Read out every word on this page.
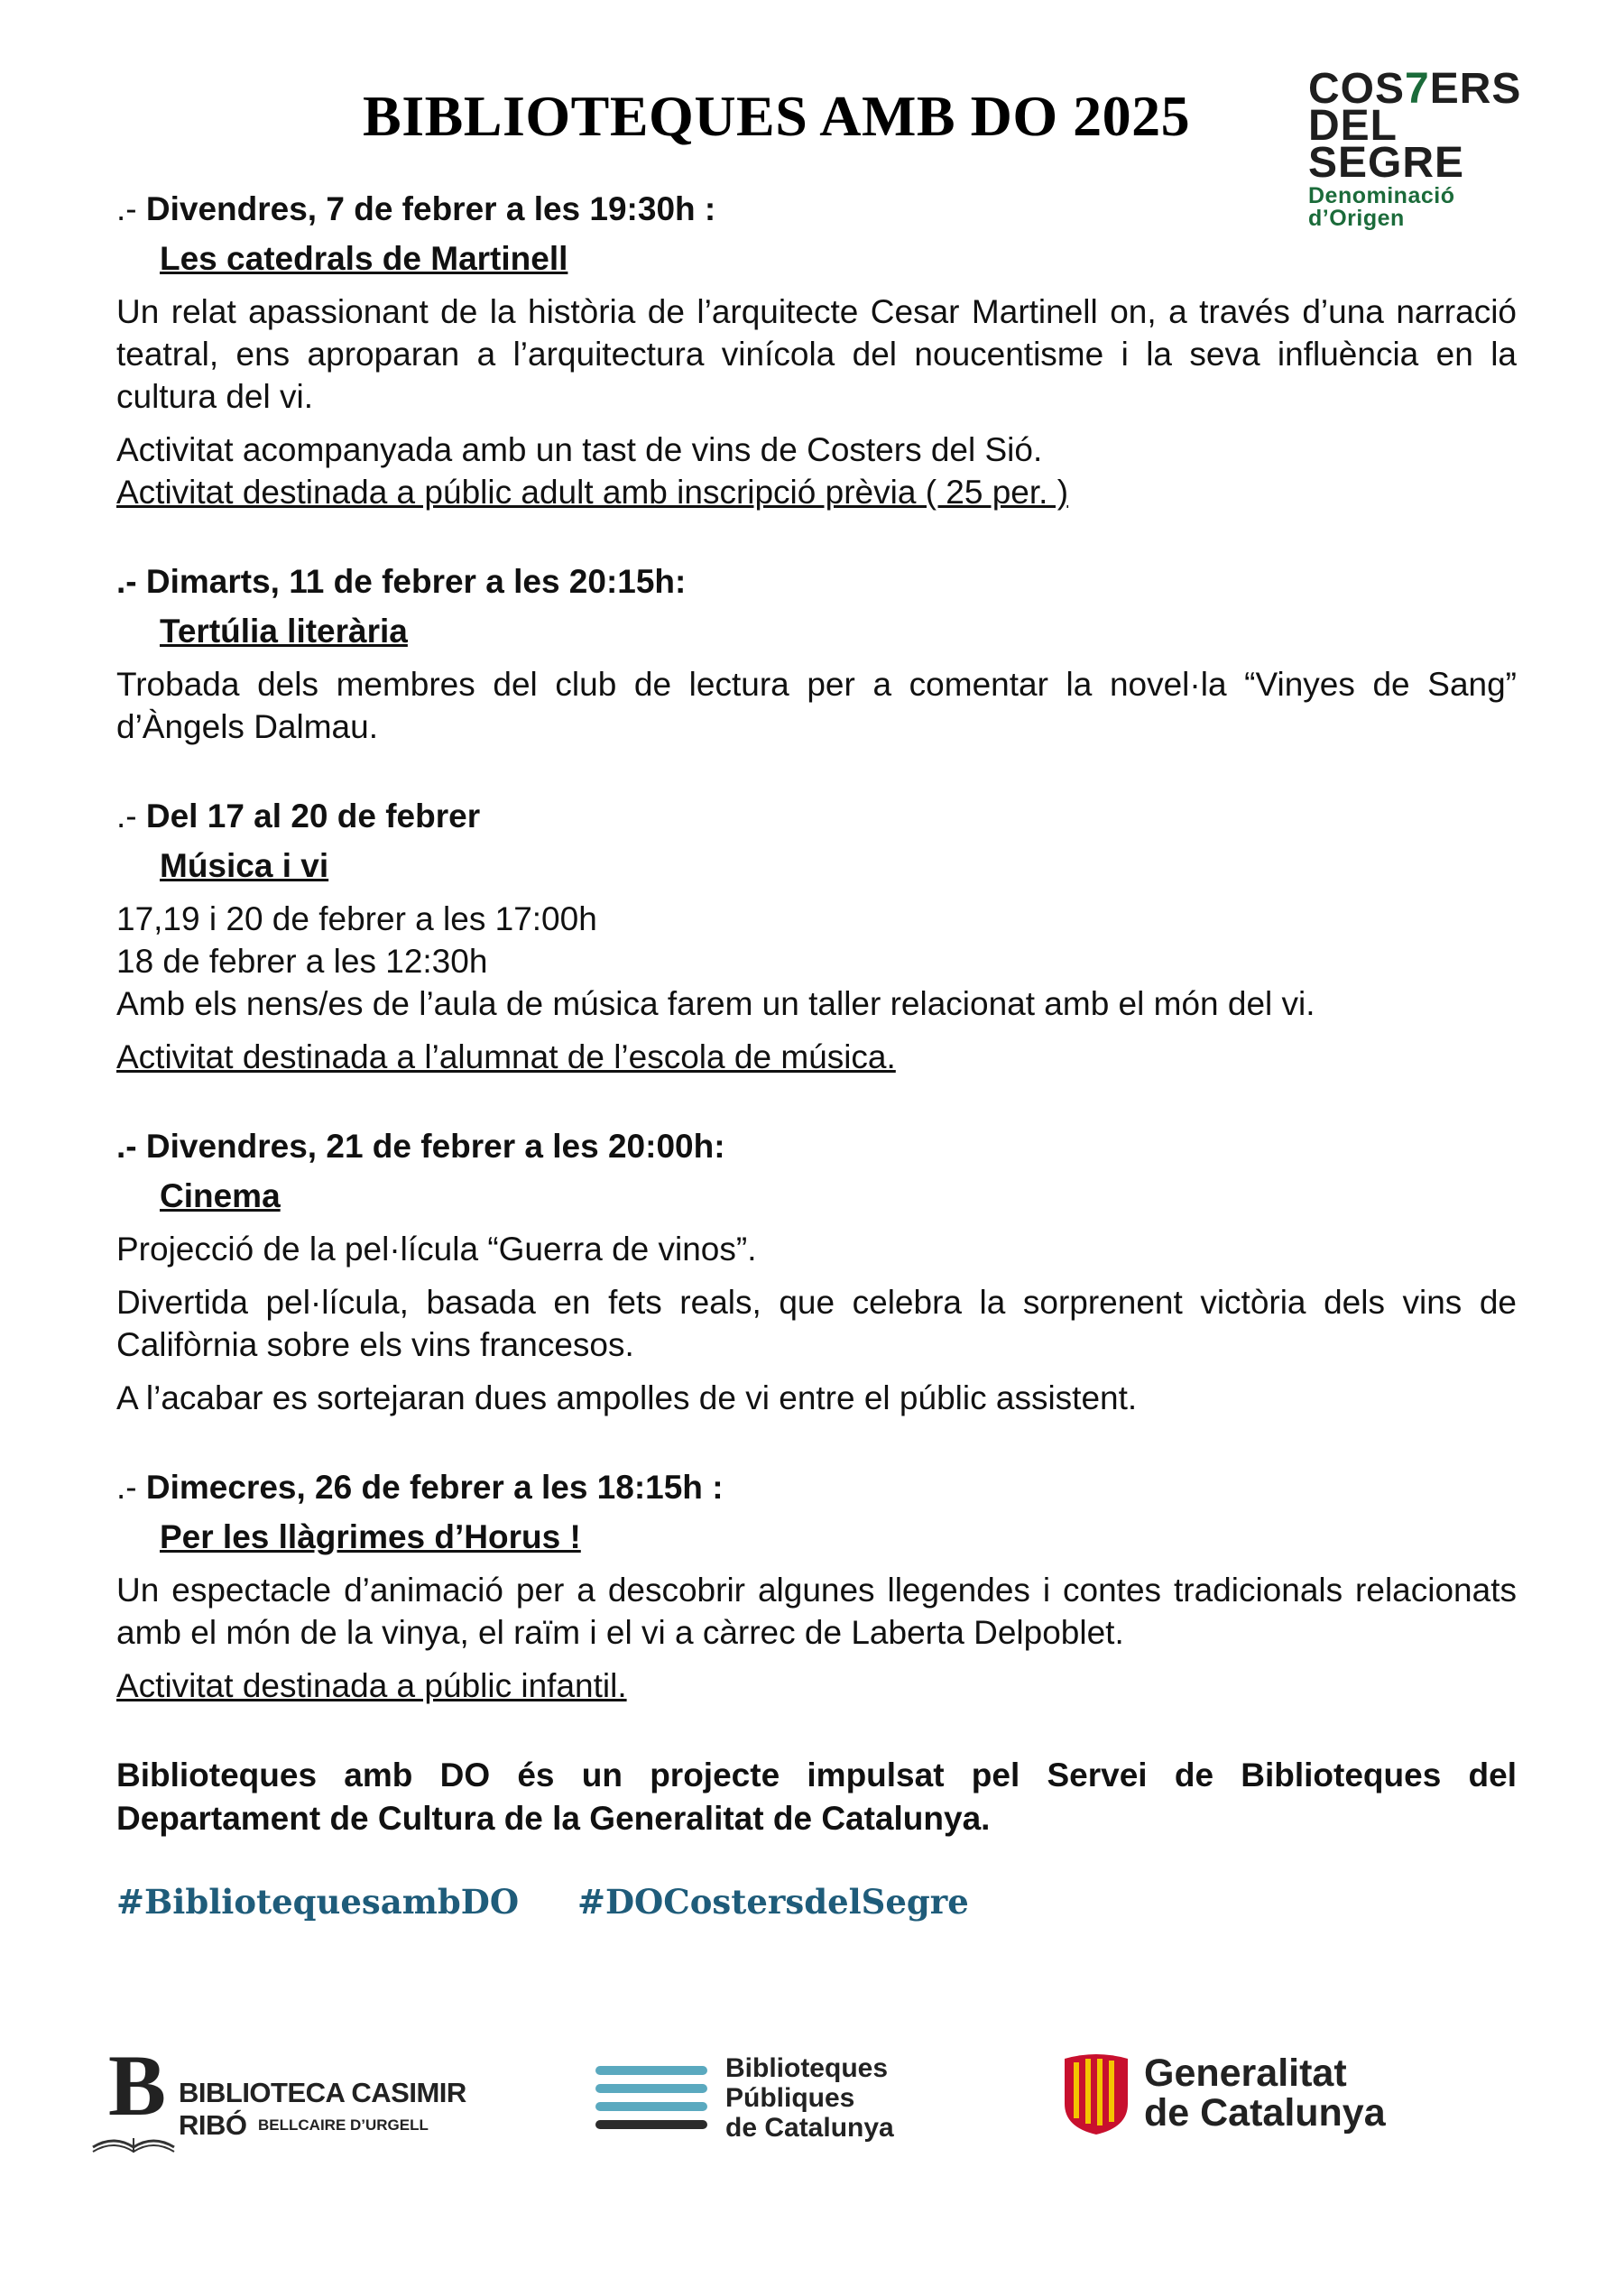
BIBLIOTEQUES AMB DO 2025	COS7ERS
DEL
SEGRE
Denominació
d’Origen
.- Divendres, 7 de febrer a les 19:30h :
Les catedrals de Martinell

Un relat apassionant de la història de l’arquitecte Cesar Martinell on, a través d’una narració teatral, ens aproparan a l’arquitectura vinícola del noucentisme i la seva influència en la cultura del vi.

Activitat acompanyada amb un tast de vins de Costers del Sió.

Activitat destinada a públic adult amb inscripció prèvia ( 25 per. )

.- Dimarts, 11 de febrer a les 20:15h:
Tertúlia literària

Trobada dels membres del club de lectura per a comentar la novel·la “Vinyes de Sang” d’Àngels Dalmau.

.- Del 17 al 20 de febrer
Música i vi

17,19 i 20 de febrer a les 17:00h

18 de febrer a les 12:30h

Amb els nens/es de l’aula de música farem un taller relacionat amb el món del vi.

Activitat destinada a l’alumnat de l’escola de música.

.- Divendres, 21 de febrer a les 20:00h:
Cinema

Projecció de la pel·lícula “Guerra de vinos”.

Divertida pel·lícula, basada en fets reals, que celebra la sorprenent victòria dels vins de Califòrnia sobre els vins francesos.

A l’acabar es sortejaran dues ampolles de vi entre el públic assistent.

.- Dimecres, 26 de febrer a les 18:15h :
Per les llàgrimes d’Horus !

Un espectacle d’animació per a descobrir algunes llegendes i contes tradicionals relacionats amb el món de la vinya, el raïm i el vi a càrrec de Laberta Delpoblet.

Activitat destinada a públic infantil.

Biblioteques amb DO és un projecte impulsat pel Servei de Biblioteques del Departament de Cultura de la Generalitat de Catalunya.
#BibliotequesambDO #DOCostersdelSegre
B BIBLIOTECA CASIMIR RIBÓ BELLCAIRE D’URGELL
Biblioteques
Públiques
de Catalunya
Generalitat
de Catalunya
